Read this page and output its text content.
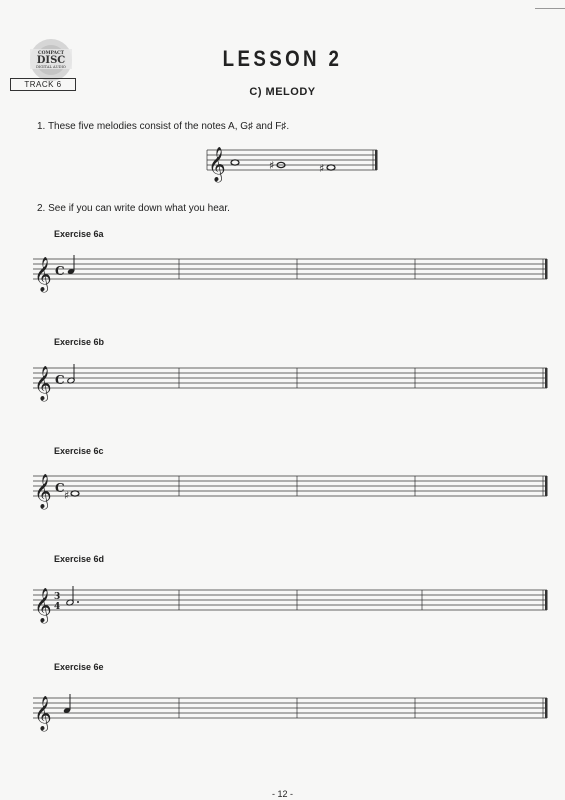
COMPACT
DISC
DIGITAL AUDIO
TRACK 6
LESSON 2
C) MELODY
1. These five melodies consist of the notes A, G♯ and F♯.
𝄞	♯	♯
2. See if you can write down what you hear.
Exercise 6a
𝄞 C
Exercise 6b
𝄞 C
Exercise 6c
𝄞 C
♯
Exercise 6d
𝄞 3
4
Exercise 6e
𝄞
- 12 -
